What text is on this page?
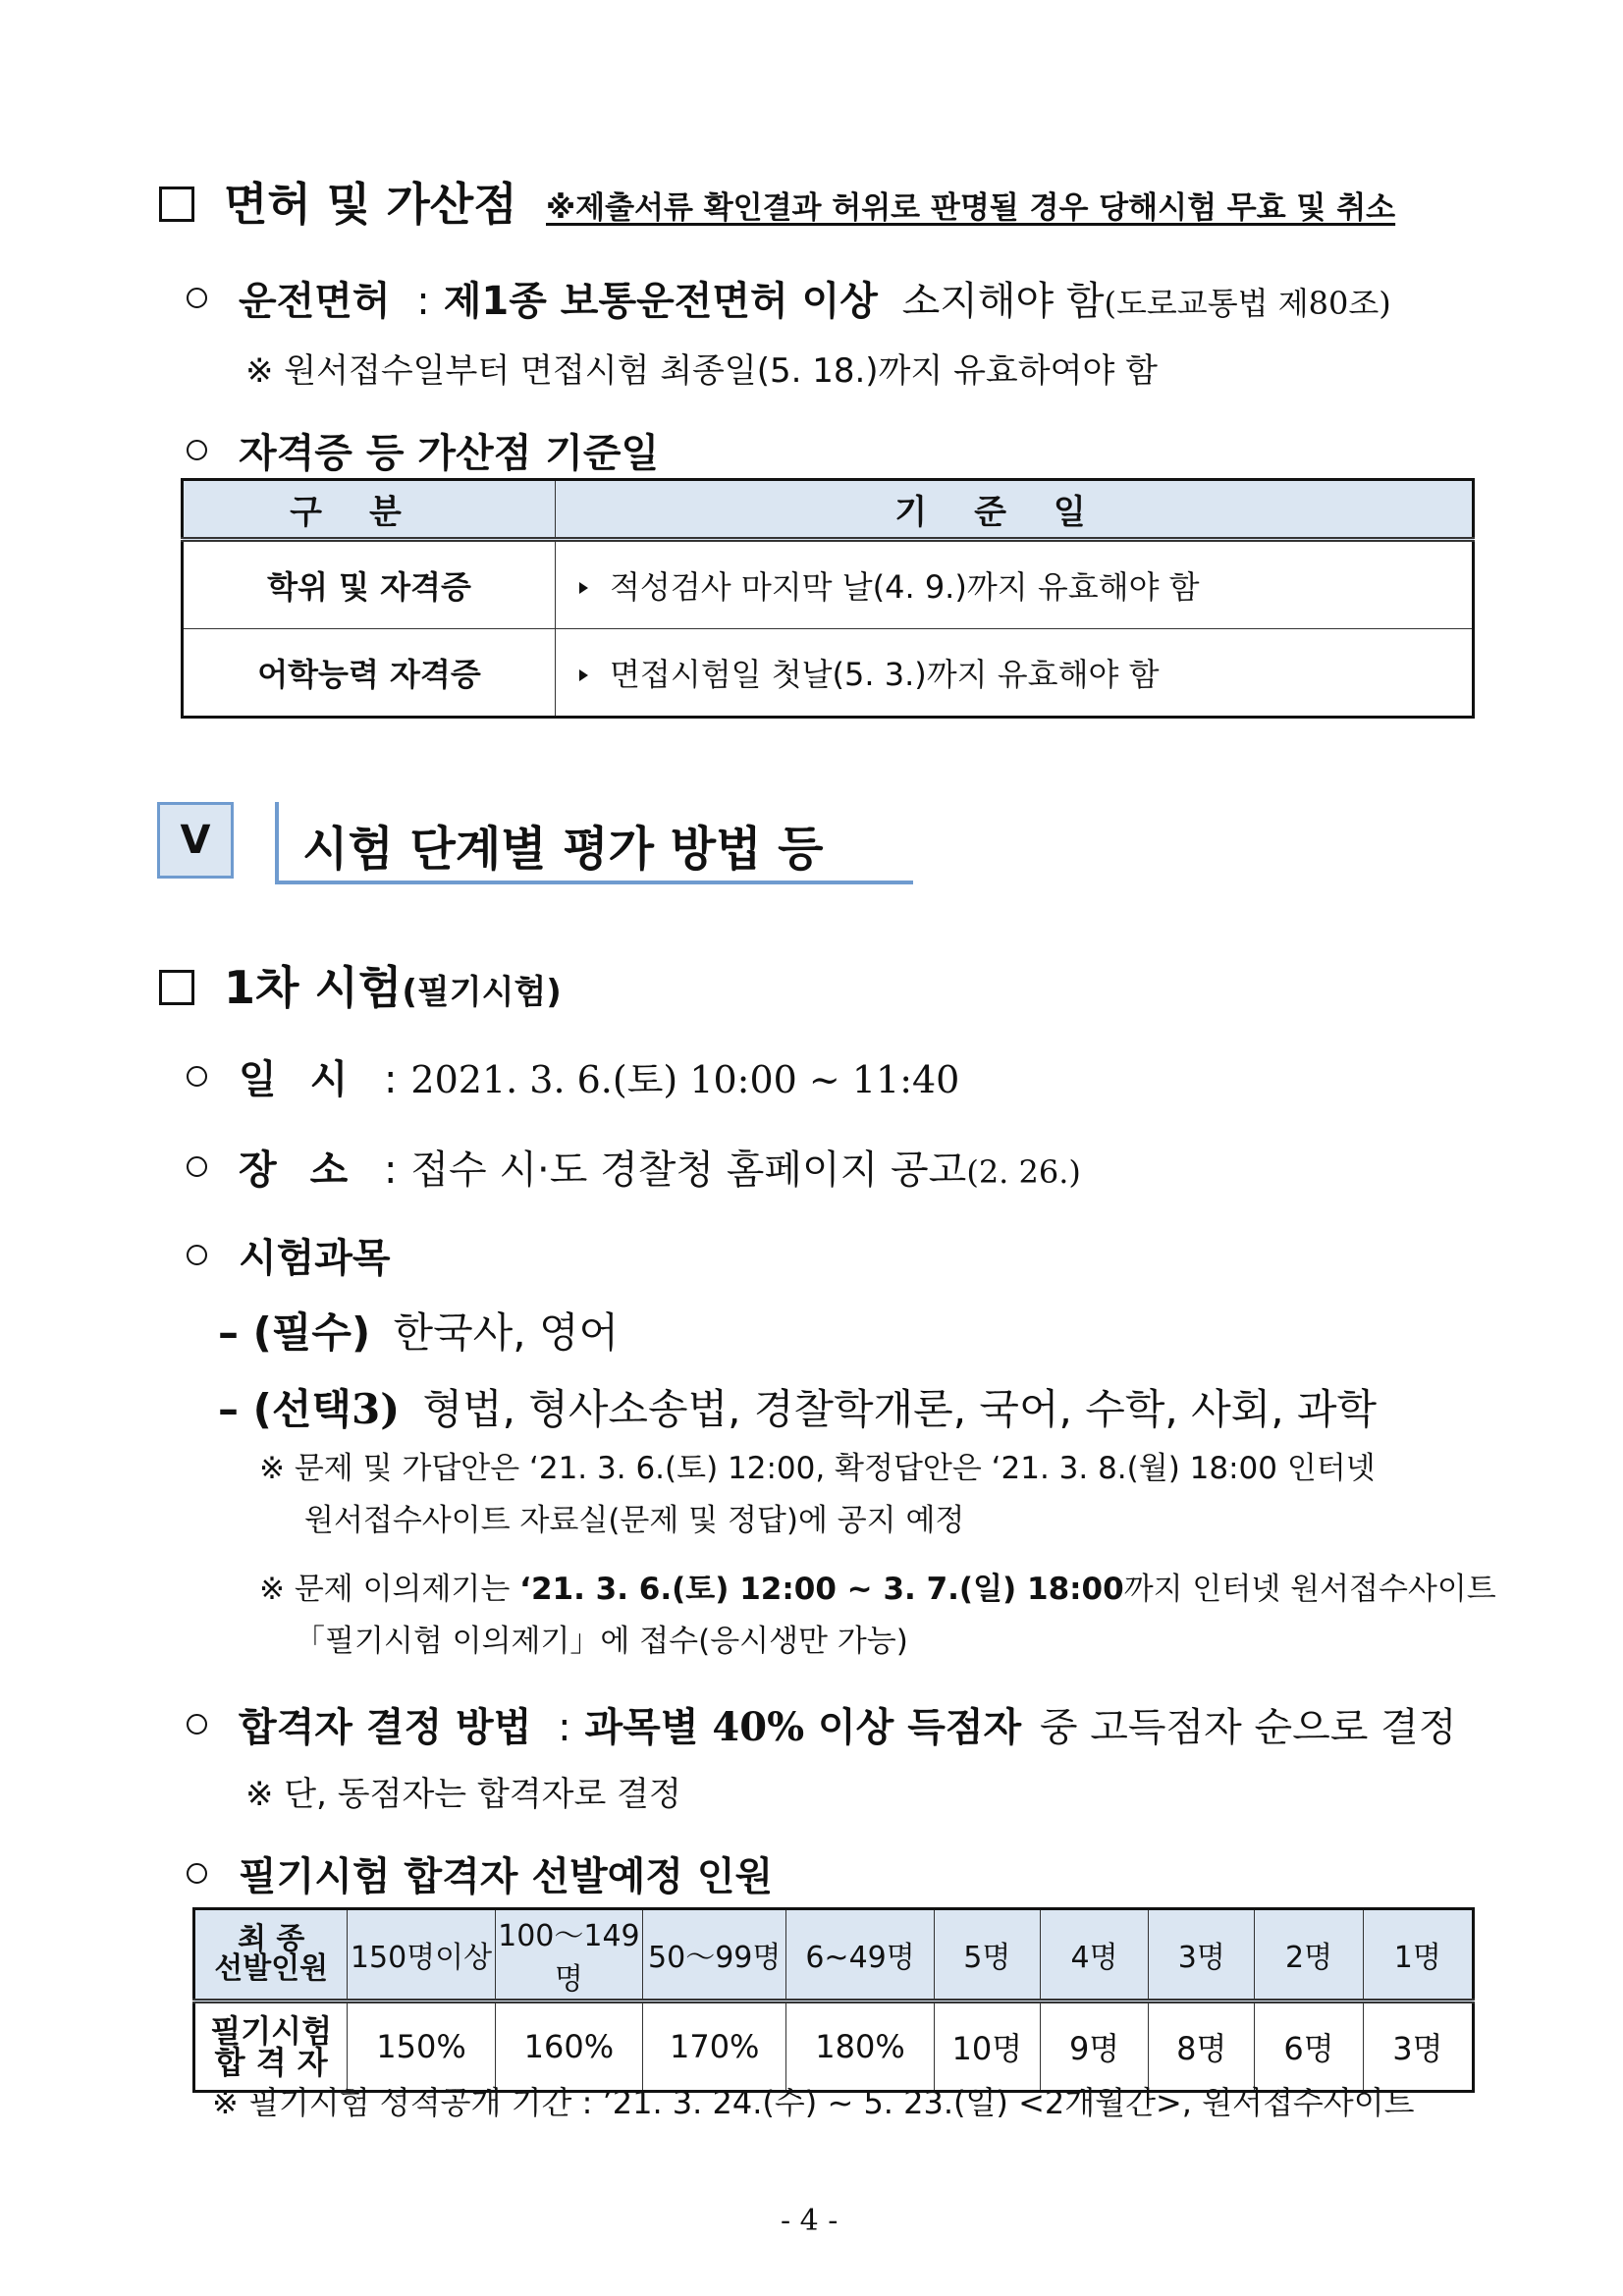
면허 및 가산점 ※제출서류 확인결과 허위로 판명될 경우 당해시험 무효 및 취소
운전면허 : 제1종 보통운전면허 이상 소지해야 함(도로교통법 제80조)
※ 원서접수일부터 면접시험 최종일(5. 18.)까지 유효하여야 함
자격증 등 가산점 기준일
구분	기준일
학위 및 자격증	적성검사 마지막 날(4. 9.)까지 유효해야 함
어학능력 자격증	면접시험일 첫날(5. 3.)까지 유효해야 함
V	시험 단계별 평가 방법 등
1차 시험(필기시험)
일 시 : 2021. 3. 6.(토) 10:00 ~ 11:40
장 소 : 접수 시·도 경찰청 홈페이지 공고(2. 26.)
시험과목
– (필수) 한국사, 영어
– (선택3) 형법, 형사소송법, 경찰학개론, 국어, 수학, 사회, 과학
※ 문제 및 가답안은 ‘21. 3. 6.(토) 12:00, 확정답안은 ‘21. 3. 8.(월) 18:00 인터넷
원서접수사이트 자료실(문제 및 정답)에 공지 예정
※ 문제 이의제기는 ‘21. 3. 6.(토) 12:00 ~ 3. 7.(일) 18:00까지 인터넷 원서접수사이트
「필기시험 이의제기」에 접수(응시생만 가능)
합격자 결정 방법 : 과목별 40% 이상 득점자 중 고득점자 순으로 결정
※ 단, 동점자는 합격자로 결정
필기시험 합격자 선발예정 인원
최 종
선발인원	150명이상	100～149명	50～99명	6~49명	5명	4명	3명	2명	1명

필기시험
합 격 자	150%	160%	170%	180%	10명	9명	8명	6명	3명
※ 필기시험 성적공개 기간 : ’21. 3. 24.(수) ~ 5. 23.(일) <2개월간>, 원서접수사이트
- 4 -
